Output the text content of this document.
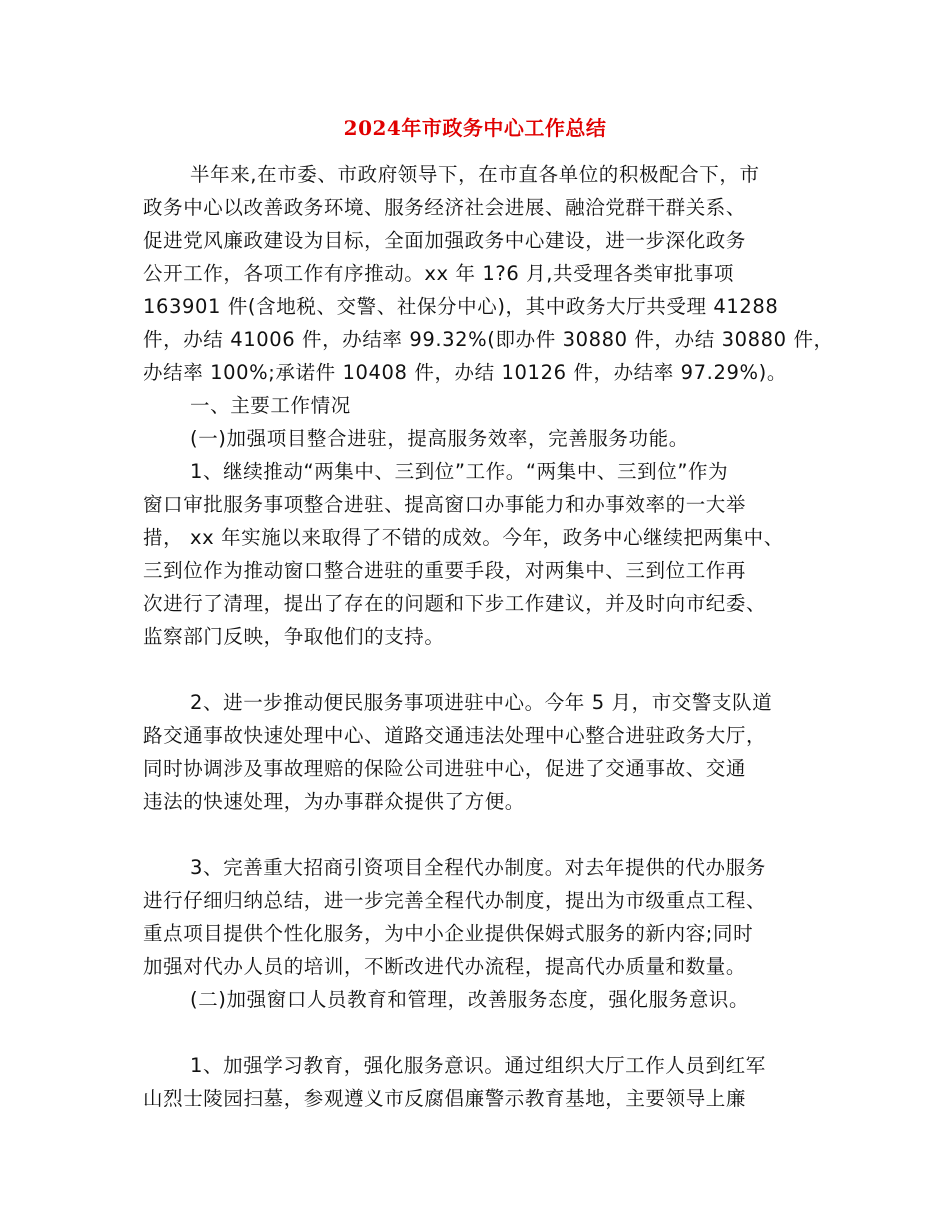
2024年市政务中心工作总结
半年来,在市委、市政府领导下，在市直各单位的积极配合下，市
政务中心以改善政务环境、服务经济社会进展、融洽党群干群关系、
促进党风廉政建设为目标，全面加强政务中心建设，进一步深化政务
公开工作，各项工作有序推动。xx 年 1?6 月,共受理各类审批事项
163901 件(含地税、交警、社保分中心)，其中政务大厅共受理 41288
件，办结 41006 件，办结率 99.32%(即办件 30880 件，办结 30880 件，
办结率 100%;承诺件 10408 件，办结 10126 件，办结率 97.29%)。
一、主要工作情况
(一)加强项目整合进驻，提高服务效率，完善服务功能。
1、继续推动“两集中、三到位”工作。“两集中、三到位”作为
窗口审批服务事项整合进驻、提高窗口办事能力和办事效率的一大举
措， xx 年实施以来取得了不错的成效。今年，政务中心继续把两集中、
三到位作为推动窗口整合进驻的重要手段，对两集中、三到位工作再
次进行了清理，提出了存在的问题和下步工作建议，并及时向市纪委、
监察部门反映，争取他们的支持。
2、进一步推动便民服务事项进驻中心。今年 5 月，市交警支队道
路交通事故快速处理中心、道路交通违法处理中心整合进驻政务大厅，
同时协调涉及事故理赔的保险公司进驻中心，促进了交通事故、交通
违法的快速处理，为办事群众提供了方便。
3、完善重大招商引资项目全程代办制度。对去年提供的代办服务
进行仔细归纳总结，进一步完善全程代办制度，提出为市级重点工程、
重点项目提供个性化服务，为中小企业提供保姆式服务的新内容;同时
加强对代办人员的培训，不断改进代办流程，提高代办质量和数量。
(二)加强窗口人员教育和管理，改善服务态度，强化服务意识。
1、加强学习教育，强化服务意识。通过组织大厅工作人员到红军
山烈士陵园扫墓，参观遵义市反腐倡廉警示教育基地，主要领导上廉
